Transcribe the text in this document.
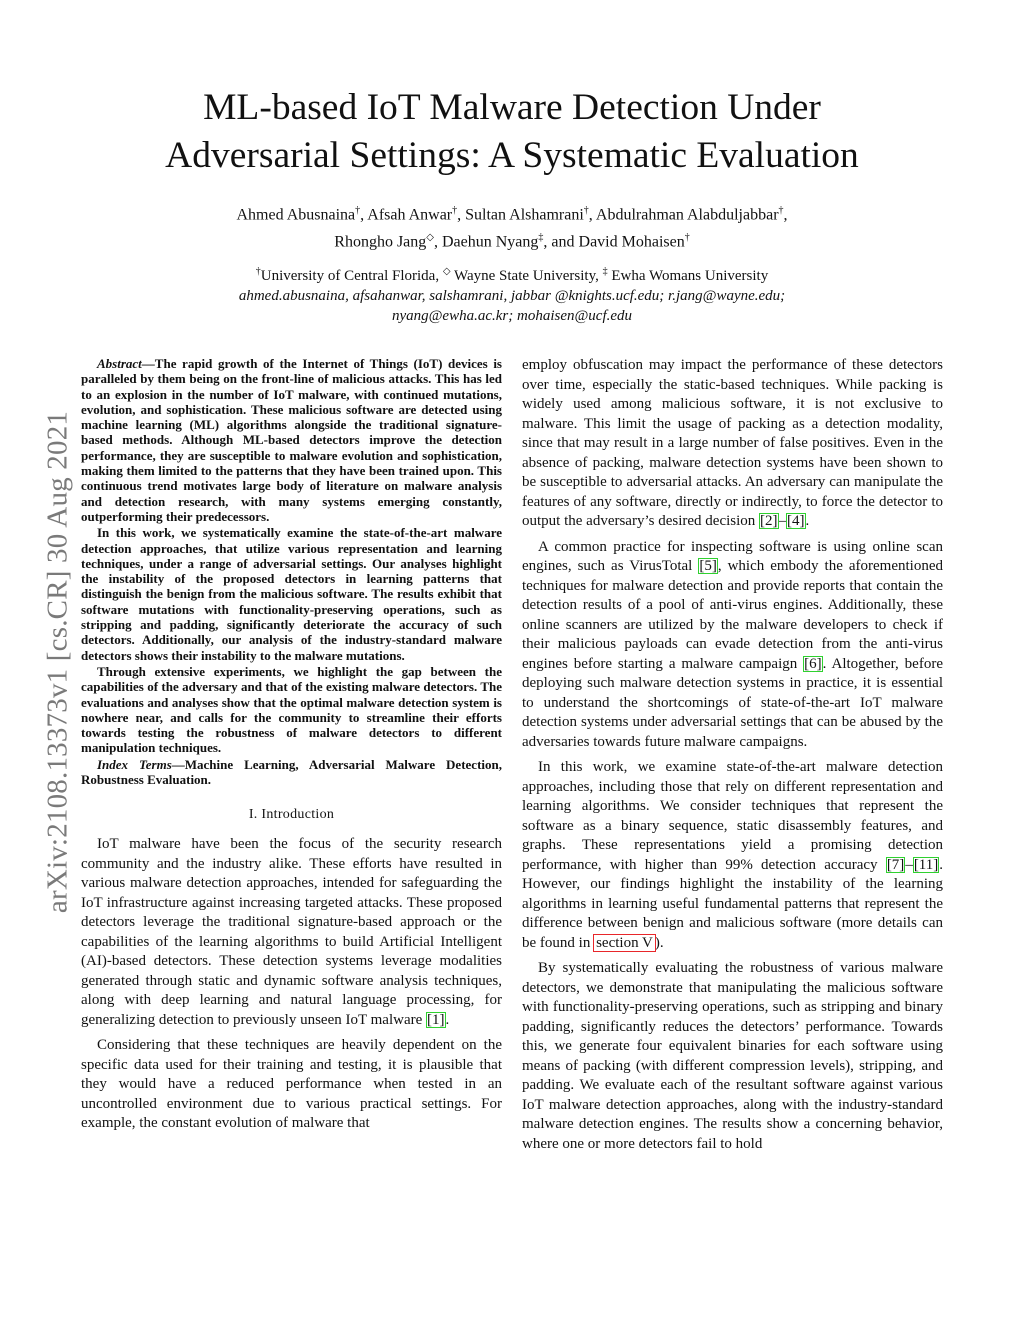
arXiv:2108.13373v1 [cs.CR] 30 Aug 2021
ML-based IoT Malware Detection Under
Adversarial Settings: A Systematic Evaluation
Ahmed Abusnaina†, Afsah Anwar†, Sultan Alshamrani†, Abdulrahman Alabduljabbar†,
Rhongho Jang◇, Daehun Nyang‡, and David Mohaisen†
†University of Central Florida, ◇ Wayne State University, ‡ Ewha Womans University
ahmed.abusnaina, afsahanwar, salshamrani, jabbar @knights.ucf.edu; r.jang@wayne.edu;
nyang@ewha.ac.kr; mohaisen@ucf.edu

Abstract—The rapid growth of the Internet of Things (IoT) devices is paralleled by them being on the front-line of malicious attacks. This has led to an explosion in the number of IoT malware, with continued mutations, evolution, and sophistication. These malicious software are detected using machine learning (ML) algorithms alongside the traditional signature-based methods. Although ML-based detectors improve the detection performance, they are susceptible to malware evolution and sophistication, making them limited to the patterns that they have been trained upon. This continuous trend motivates large body of literature on malware analysis and detection research, with many systems emerging constantly, outperforming their predecessors.

In this work, we systematically examine the state-of-the-art malware detection approaches, that utilize various representation and learning techniques, under a range of adversarial settings. Our analyses highlight the instability of the proposed detectors in learning patterns that distinguish the benign from the malicious software. The results exhibit that software mutations with functionality-preserving operations, such as stripping and padding, significantly deteriorate the accuracy of such detectors. Additionally, our analysis of the industry-standard malware detectors shows their instability to the malware mutations.

Through extensive experiments, we highlight the gap between the capabilities of the adversary and that of the existing malware detectors. The evaluations and analyses show that the optimal malware detection system is nowhere near, and calls for the community to streamline their efforts towards testing the robustness of malware detectors to different manipulation techniques.

Index Terms—Machine Learning, Adversarial Malware Detection, Robustness Evaluation.

I. Introduction

IoT malware have been the focus of the security research community and the industry alike. These efforts have resulted in various malware detection approaches, intended for safeguarding the IoT infrastructure against increasing targeted attacks. These proposed detectors leverage the traditional signature-based approach or the capabilities of the learning algorithms to build Artificial Intelligent (AI)-based detectors. These detection systems leverage modalities generated through static and dynamic software analysis techniques, along with deep learning and natural language processing, for generalizing detection to previously unseen IoT malware [1].

Considering that these techniques are heavily dependent on the specific data used for their training and testing, it is plausible that they would have a reduced performance when tested in an uncontrolled environment due to various practical settings. For example, the constant evolution of malware that

employ obfuscation may impact the performance of these detectors over time, especially the static-based techniques. While packing is widely used among malicious software, it is not exclusive to malware. This limit the usage of packing as a detection modality, since that may result in a large number of false positives. Even in the absence of packing, malware detection systems have been shown to be susceptible to adversarial attacks. An adversary can manipulate the features of any software, directly or indirectly, to force the detector to output the adversary’s desired decision [2]–[4].

A common practice for inspecting software is using online scan engines, such as VirusTotal [5], which embody the aforementioned techniques for malware detection and provide reports that contain the detection results of a pool of anti-virus engines. Additionally, these online scanners are utilized by the malware developers to check if their malicious payloads can evade detection from the anti-virus engines before starting a malware campaign [6]. Altogether, before deploying such malware detection systems in practice, it is essential to understand the shortcomings of state-of-the-art IoT malware detection systems under adversarial settings that can be abused by the adversaries towards future malware campaigns.

In this work, we examine state-of-the-art malware detection approaches, including those that rely on different representation and learning algorithms. We consider techniques that represent the software as a binary sequence, static disassembly features, and graphs. These representations yield a promising detection performance, with higher than 99% detection accuracy [7]–[11]. However, our findings highlight the instability of the learning algorithms in learning useful fundamental patterns that represent the difference between benign and malicious software (more details can be found in section V ).

By systematically evaluating the robustness of various malware detectors, we demonstrate that manipulating the malicious software with functionality-preserving operations, such as stripping and binary padding, significantly reduces the detectors’ performance. Towards this, we generate four equivalent binaries for each software using means of packing (with different compression levels), stripping, and padding. We evaluate each of the resultant software against various IoT malware detection approaches, along with the industry-standard malware detection engines. The results show a concerning behavior, where one or more detectors fail to hold
